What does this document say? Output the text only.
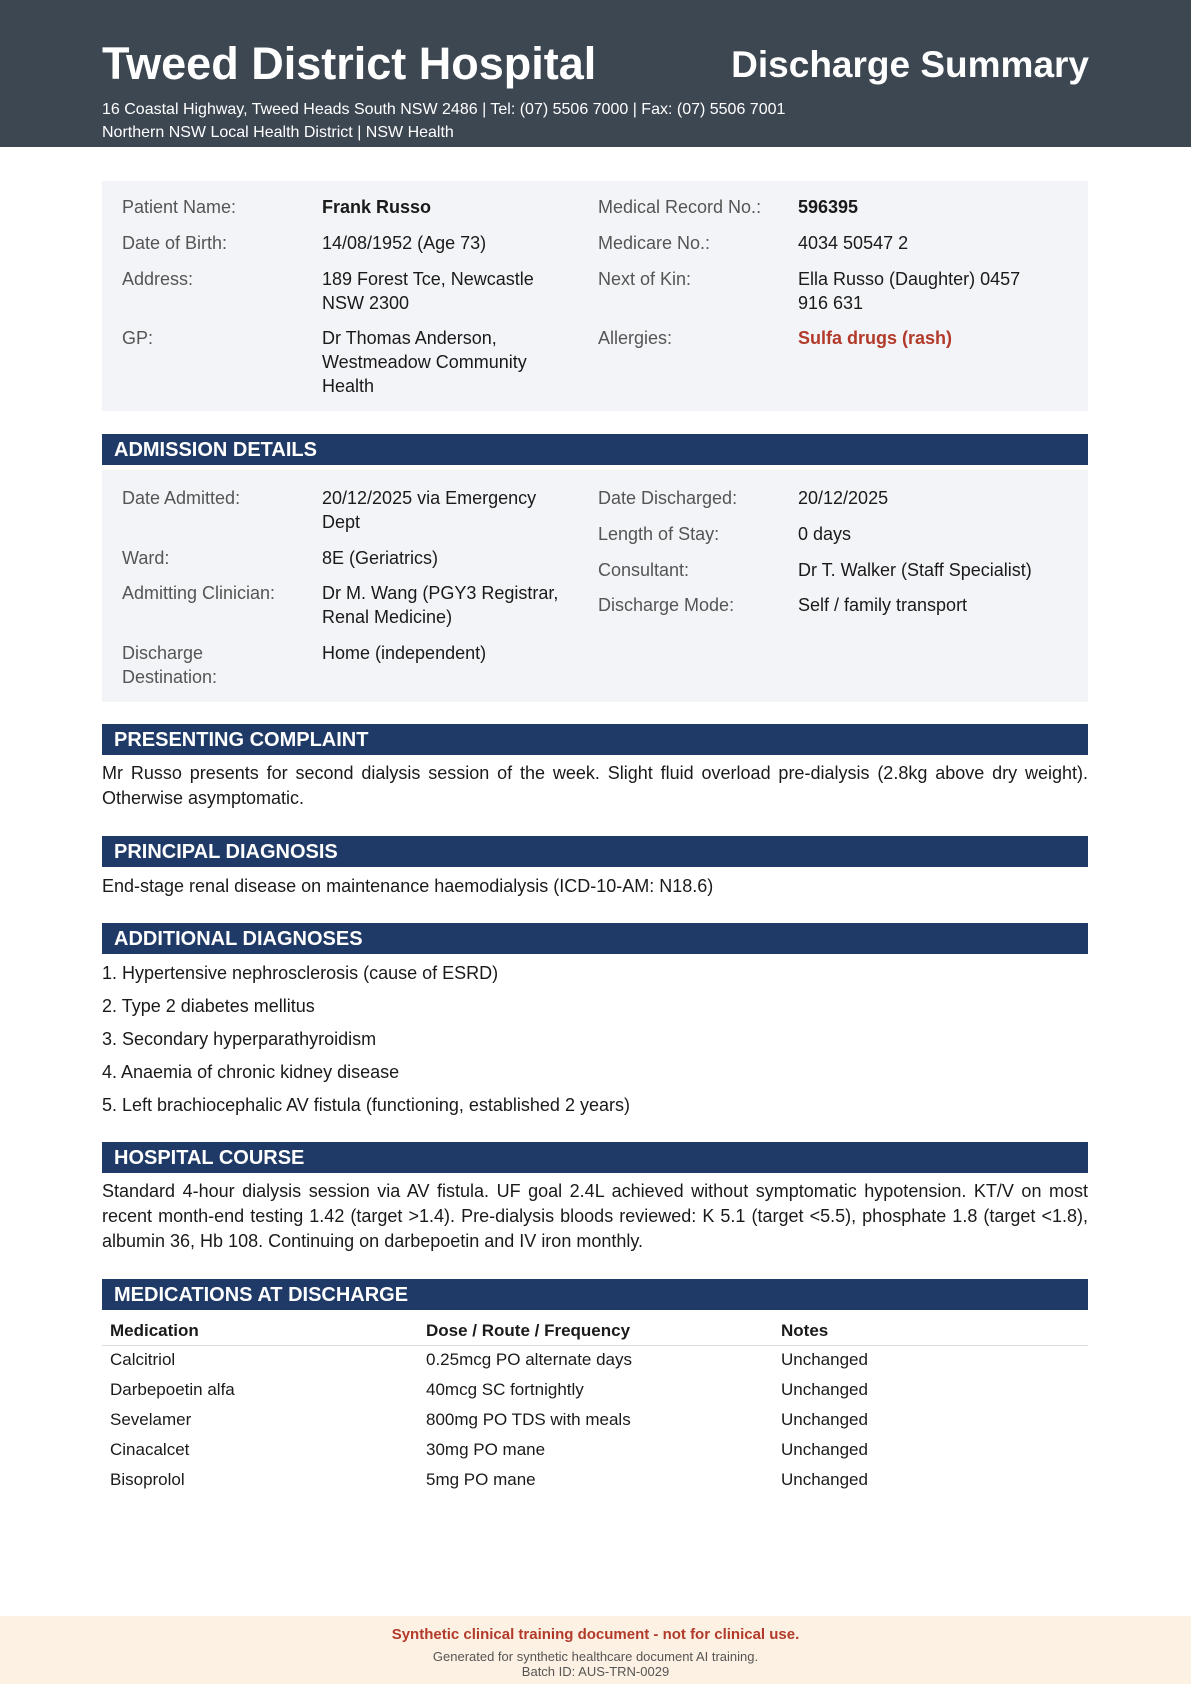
Tweed District Hospital	Discharge Summary
16 Coastal Highway, Tweed Heads South NSW 2486 | Tel: (07) 5506 7000 | Fax: (07) 5506 7001
Northern NSW Local Health District | NSW Health
Patient Name:	Frank Russo
Date of Birth:	14/08/1952 (Age 73)
Address:	189 Forest Tce, Newcastle NSW 2300
GP:	Dr Thomas Anderson, Westmeadow Community Health
Medical Record No.:	596395
Medicare No.:	4034 50547 2
Next of Kin:	Ella Russo (Daughter) 0457 916 631
Allergies:	Sulfa drugs (rash)
ADMISSION DETAILS
Date Admitted:	20/12/2025 via Emergency Dept
Ward:	8E (Geriatrics)
Admitting Clinician:	Dr M. Wang (PGY3 Registrar, Renal Medicine)
Discharge Destination:
Home (independent)
Date Discharged:	20/12/2025
Length of Stay:	0 days
Consultant:	Dr T. Walker (Staff Specialist)
Discharge Mode:	Self / family transport
PRESENTING COMPLAINT
Mr Russo presents for second dialysis session of the week. Slight fluid overload pre-dialysis (2.8kg above dry weight). Otherwise asymptomatic.
PRINCIPAL DIAGNOSIS
End-stage renal disease on maintenance haemodialysis (ICD-10-AM: N18.6)
ADDITIONAL DIAGNOSES
1. Hypertensive nephrosclerosis (cause of ESRD)
2. Type 2 diabetes mellitus
3. Secondary hyperparathyroidism
4. Anaemia of chronic kidney disease
5. Left brachiocephalic AV fistula (functioning, established 2 years)
HOSPITAL COURSE
Standard 4-hour dialysis session via AV fistula. UF goal 2.4L achieved without symptomatic hypotension. KT/V on most recent month-end testing 1.42 (target >1.4). Pre-dialysis bloods reviewed: K 5.1 (target <5.5), phosphate 1.8 (target <1.8), albumin 36, Hb 108. Continuing on darbepoetin and IV iron monthly.
MEDICATIONS AT DISCHARGE
Medication	Dose / Route / Frequency	Notes
Calcitriol	0.25mcg PO alternate days	Unchanged
Darbepoetin alfa	40mcg SC fortnightly	Unchanged
Sevelamer	800mg PO TDS with meals	Unchanged
Cinacalcet	30mg PO mane	Unchanged
Bisoprolol	5mg PO mane	Unchanged
Synthetic clinical training document - not for clinical use.
Generated for synthetic healthcare document AI training.
Batch ID: AUS-TRN-0029
